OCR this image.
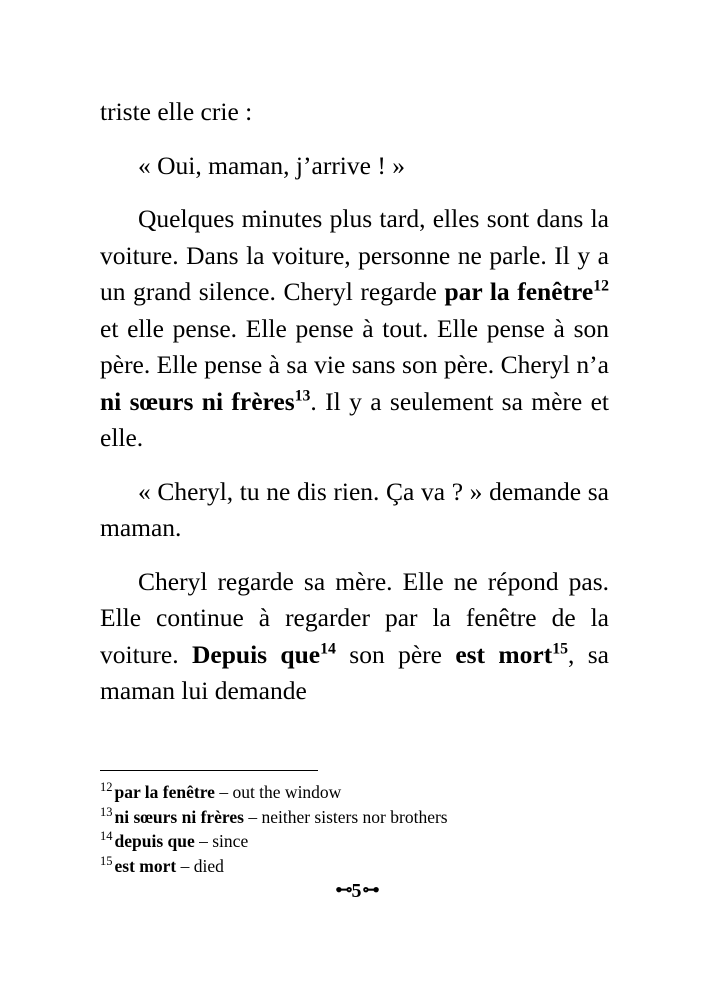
triste elle crie :

« Oui, maman, j’arrive ! »

Quelques minutes plus tard, elles sont dans la voiture. Dans la voiture, personne ne parle. Il y a un grand silence. Cheryl regarde par la fenêtre$^{12}$ et elle pense. Elle pense à tout. Elle pense à son père. Elle pense à sa vie sans son père. Cheryl n’a ni sœurs ni frères$^{13}$. Il y a seulement sa mère et elle.

« Cheryl, tu ne dis rien. Ça va ? » demande sa maman.

Cheryl regarde sa mère. Elle ne répond pas. Elle continue à regarder par la fenêtre de la voiture. Depuis que$^{14}$ son père est mort$^{15}$, sa maman lui demande

$^{12}$ par la fenêtre – out the window
$^{13}$ ni sœurs ni frères – neither sisters nor brothers
$^{14}$ depuis que – since
$^{15}$ est mort – died
⊷5⊶
